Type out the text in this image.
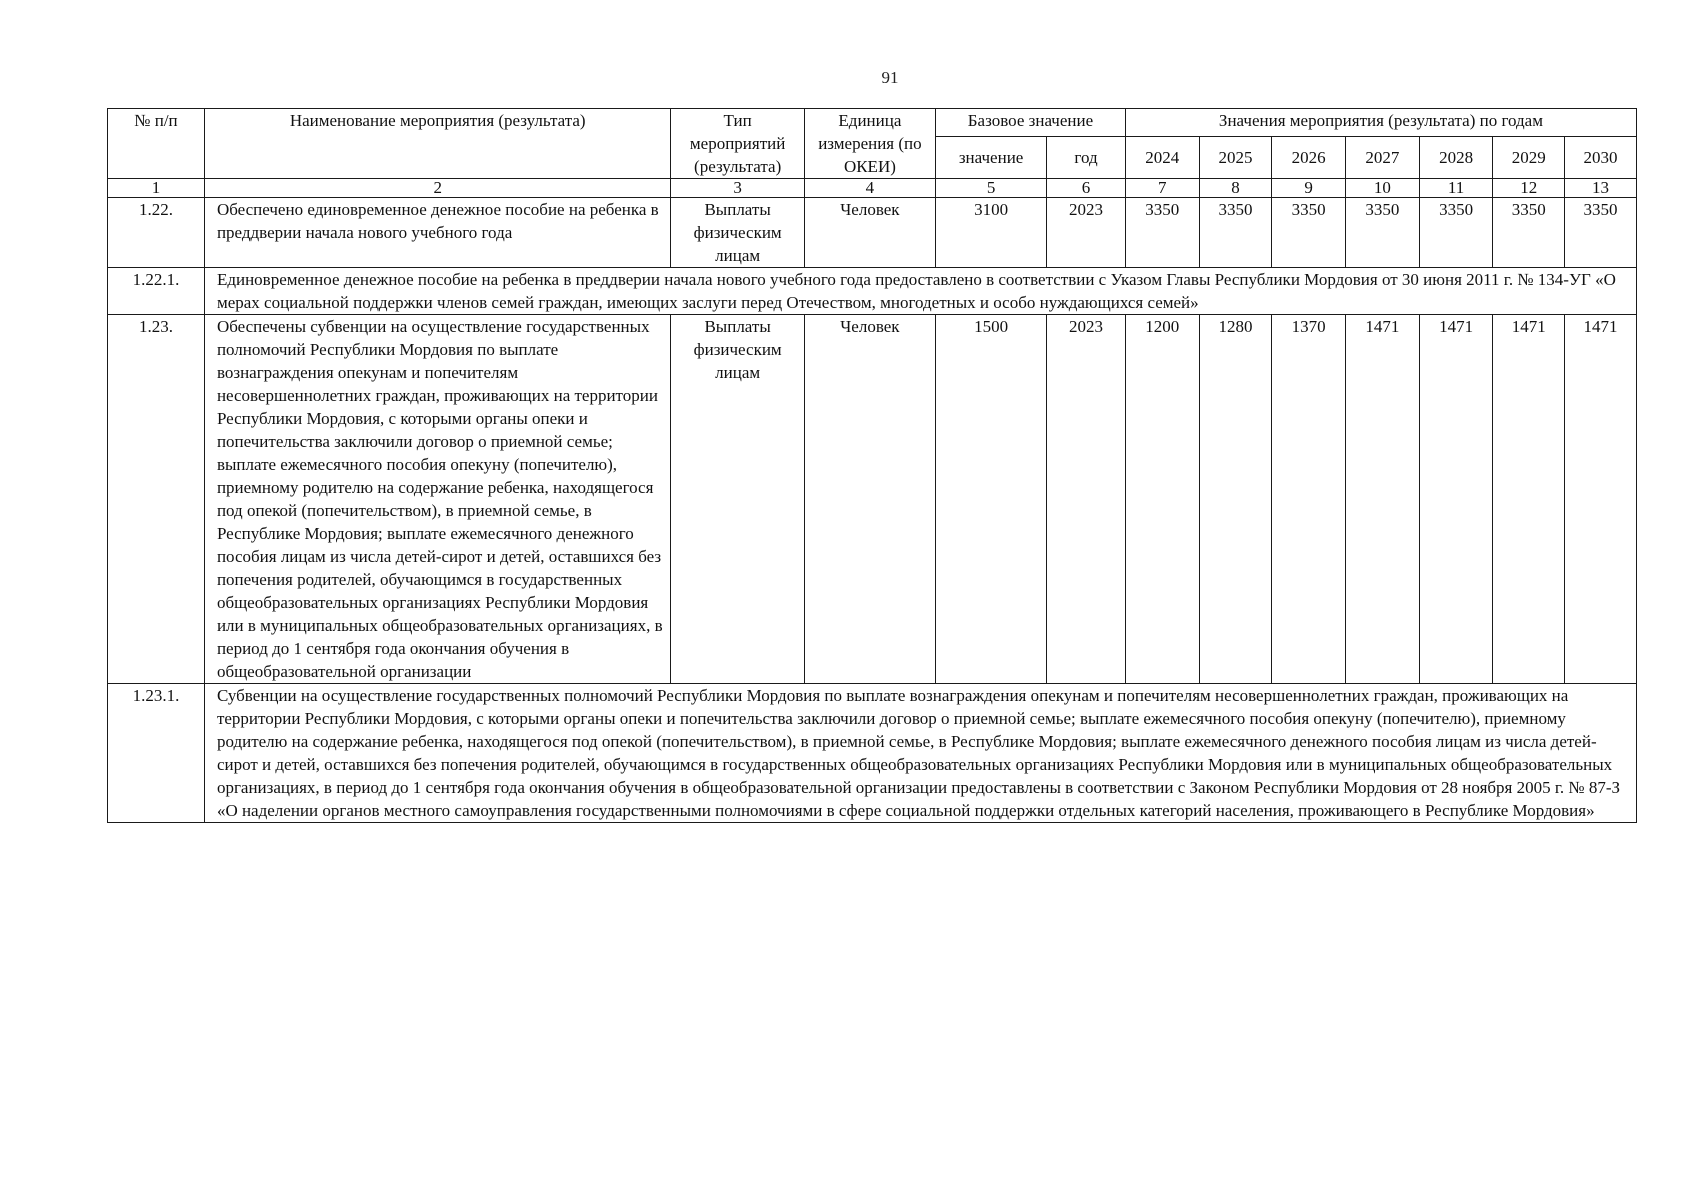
91
№ п/п	Наименование мероприятия (результата)	Тип мероприятий (результата)	Единица измерения (по ОКЕИ)	Базовое значение		Значения мероприятия (результата) по годам						
				значение	год	2024	2025	2026	2027	2028	2029	2030
1	2	3	4	5	6	7	8	9	10	11	12	13
1.22.	Обеспечено единовременное денежное пособие на ребенка в преддверии начала нового учебного года	Выплаты физическим лицам	Человек	3100	2023	3350	3350	3350	3350	3350	3350	3350
1.22.1.	Единовременное денежное пособие на ребенка в преддверии начала нового учебного года предоставлено в соответствии с Указом Главы Республики Мордовия от 30 июня 2011 г. № 134-УГ «О мерах социальной поддержки членов семей граждан, имеющих заслуги перед Отечеством, многодетных и особо нуждающихся семей»											
1.23.	Обеспечены субвенции на осуществление государственных полномочий Республики Мордовия по выплате вознаграждения опекунам и попечителям несовершеннолетних граждан, проживающих на территории Республики Мордовия, с которыми органы опеки и попечительства заключили договор о приемной семье; выплате ежемесячного пособия опекуну (попечителю), приемному родителю на содержание ребенка, находящегося под опекой (попечительством), в приемной семье, в Республике Мордовия; выплате ежемесячного денежного пособия лицам из числа детей-сирот и детей, оставшихся без попечения родителей, обучающимся в государственных общеобразовательных организациях Республики Мордовия или в муниципальных общеобразовательных организациях, в период до 1 сентября года окончания обучения в общеобразовательной организации	Выплаты физическим лицам	Человек	1500	2023	1200	1280	1370	1471	1471	1471	1471
1.23.1.	Субвенции на осуществление государственных полномочий Республики Мордовия по выплате вознаграждения опекунам и попечителям несовершеннолетних граждан, проживающих на территории Республики Мордовия, с которыми органы опеки и попечительства заключили договор о приемной семье; выплате ежемесячного пособия опекуну (попечителю), приемному родителю на содержание ребенка, находящегося под опекой (попечительством), в приемной семье, в Республике Мордовия; выплате ежемесячного денежного пособия лицам из числа детей-сирот и детей, оставшихся без попечения родителей, обучающимся в государственных общеобразовательных организациях Республики Мордовия или в муниципальных общеобразовательных организациях, в период до 1 сентября года окончания обучения в общеобразовательной организации предоставлены в соответствии с Законом Республики Мордовия от 28 ноября 2005 г. № 87-З «О наделении органов местного самоуправления государственными полномочиями в сфере социальной поддержки отдельных категорий населения, проживающего в Республике Мордовия»											
